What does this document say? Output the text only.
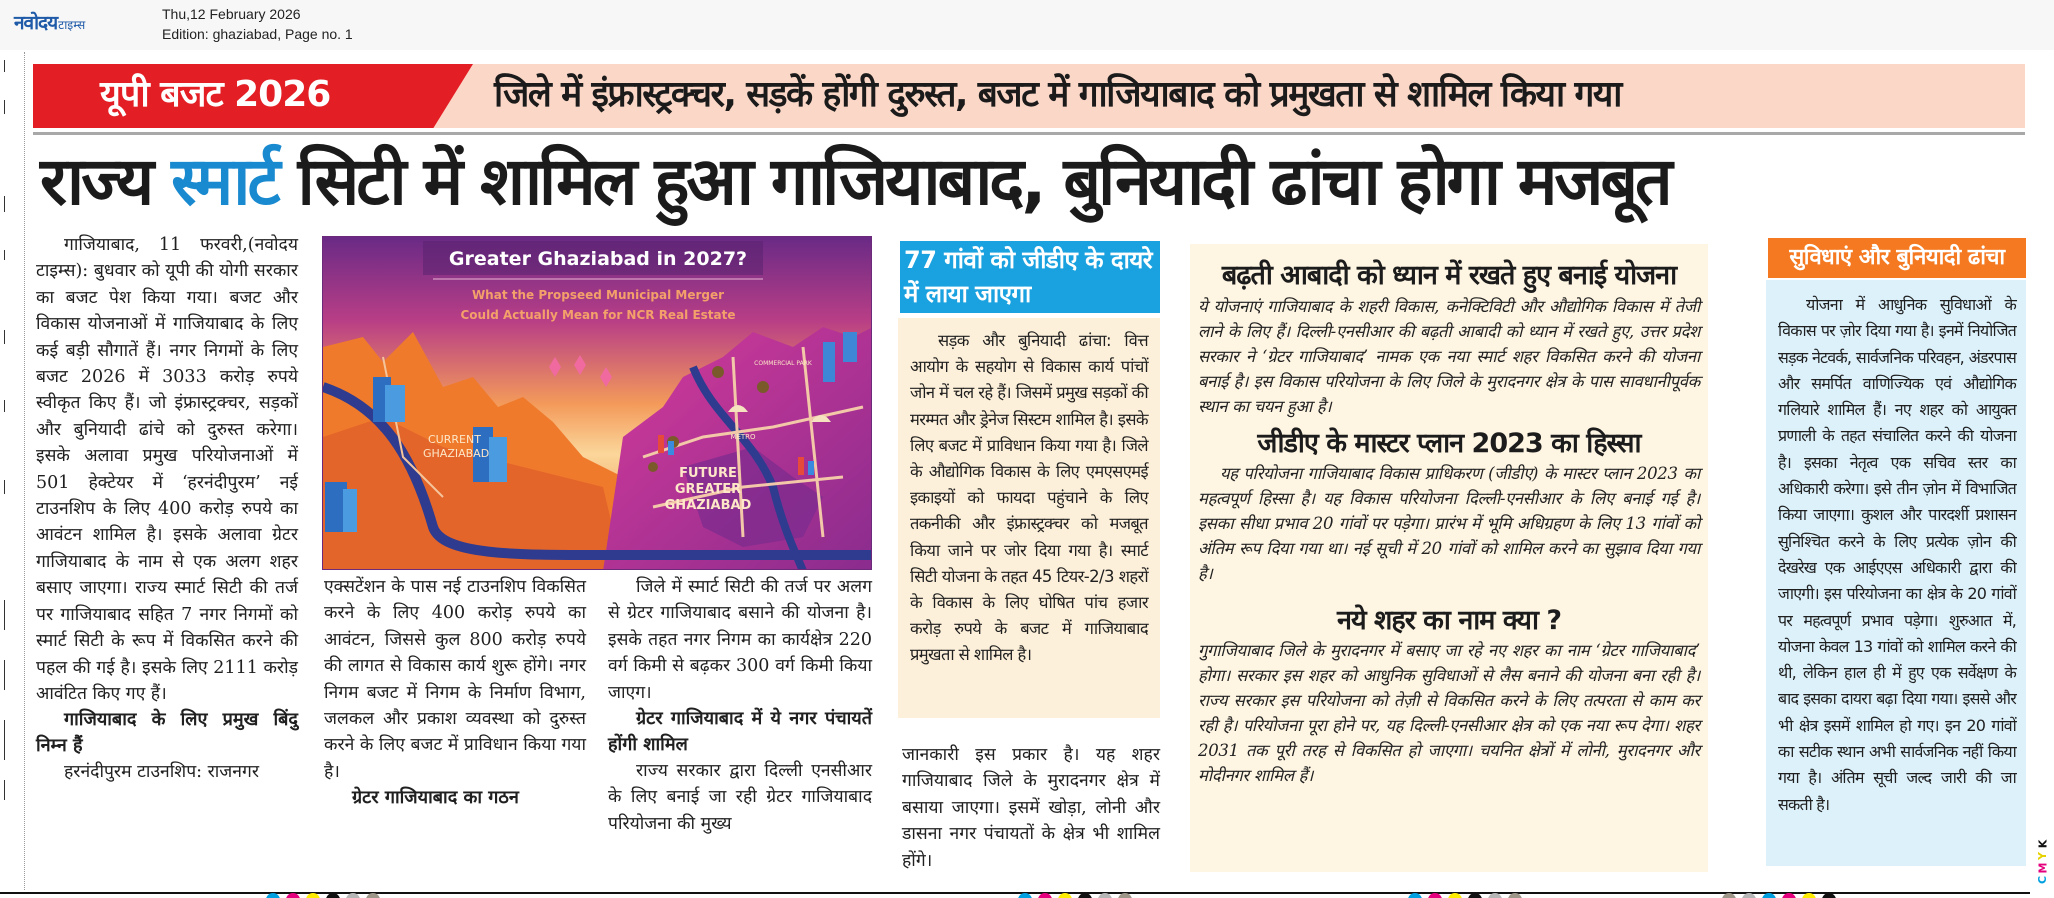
नवोदय टाइम्स
Thu,12 February 2026
Edition: ghaziabad, Page no. 1
यूपी बजट 2026	जिले में इंफ्रास्ट्रक्चर, सड़कें होंगी दुरुस्त, बजट में गाजियाबाद को प्रमुखता से शामिल किया गया
राज्य स्मार्ट सिटी में शामिल हुआ गाजियाबाद, बुनियादी ढांचा होगा मजबूत

गाजियाबाद, 11 फरवरी,(नवोदय टाइम्स): बुधवार को यूपी की योगी सरकार का बजट पेश किया गया। बजट और विकास योजनाओं में गाजियाबाद के लिए कई बड़ी सौगातें हैं। नगर निगमों के लिए बजट 2026 में 3033 करोड़ रुपये स्वीकृत किए हैं। जो इंफ्रास्ट्रक्चर, सड़कों और बुनियादी ढांचे को दुरुस्त करेगा। इसके अलावा प्रमुख परियोजनाओं में 501 हेक्टेयर में ‘हरनंदीपुरम’ नई टाउनशिप के लिए 400 करोड़ रुपये का आवंटन शामिल है। इसके अलावा ग्रेटर गाजियाबाद के नाम से एक अलग शहर बसाए जाएगा। राज्य स्मार्ट सिटी की तर्ज पर गाजियाबाद सहित 7 नगर निगमों को स्मार्ट सिटी के रूप में विकसित करने की पहल की गई है। इसके लिए 2111 करोड़ आवंटित किए गए हैं।

गाजियाबाद के लिए प्रमुख बिंदु निम्न हैं

हरनंदीपुरम टाउनशिप: राजनगर

Greater Ghaziabad in 2027?
What the Propseed Municipal Merger
Could Actually Mean for NCR Real Estate
CURRENT
GHAZIABAD
FUTURE
GREATER
GHAZIABAD
METRO
COMMERCIAL PARK

एक्सटेंशन के पास नई टाउनशिप विकसित करने के लिए 400 करोड़ रुपये का आवंटन, जिससे कुल 800 करोड़ रुपये की लागत से विकास कार्य शुरू होंगे। नगर निगम बजट में निगम के निर्माण विभाग, जलकल और प्रकाश व्यवस्था को दुरुस्त करने के लिए बजट में प्राविधान किया गया है।

ग्रेटर गाजियाबाद का गठन

जिले में स्मार्ट सिटी की तर्ज पर अलग से ग्रेटर गाजियाबाद बसाने की योजना है। इसके तहत नगर निगम का कार्यक्षेत्र 220 वर्ग किमी से बढ़कर 300 वर्ग किमी किया जाएग।

ग्रेटर गाजियाबाद में ये नगर पंचायतें होंगी शामिल

राज्य सरकार द्वारा दिल्ली एनसीआर के लिए बनाई जा रही ग्रेटर गाजियाबाद परियोजना की मुख्य

77 गांवों को जीडीए के दायरे में लाया जाएगा

सड़क और बुनियादी ढांचा: वित्त आयोग के सहयोग से विकास कार्य पांचों जोन में चल रहे हैं। जिसमें प्रमुख सड़कों की मरम्मत और ड्रेनेज सिस्टम शामिल है। इसके लिए बजट में प्राविधान किया गया है। जिले के औद्योगिक विकास के लिए एमएसएमई इकाइयों को फायदा पहुंचाने के लिए तकनीकी और इंफ्रास्ट्रक्चर को मजबूत किया जाने पर जोर दिया गया है। स्मार्ट सिटी योजना के तहत 45 टियर-2/3 शहरों के विकास के लिए घोषित पांच हजार करोड़ रुपये के बजट में गाजियाबाद प्रमुखता से शामिल है।

जानकारी इस प्रकार है। यह शहर गाजियाबाद जिले के मुरादनगर क्षेत्र में बसाया जाएगा। इसमें खोड़ा, लोनी और डासना नगर पंचायतों के क्षेत्र भी शामिल होंगे।

बढ़ती आबादी को ध्यान में रखते हुए बनाई योजना

ये योजनाएं गाजियाबाद के शहरी विकास, कनेक्टिविटी और औद्योगिक विकास में तेजी लाने के लिए हैं। दिल्ली-एनसीआर की बढ़ती आबादी को ध्यान में रखते हुए, उत्तर प्रदेश सरकार ने ‘ग्रेटर गाजियाबाद’ नामक एक नया स्मार्ट शहर विकसित करने की योजना बनाई है। इस विकास परियोजना के लिए जिले के मुरादनगर क्षेत्र के पास सावधानीपूर्वक स्थान का चयन हुआ है।

जीडीए के मास्टर प्लान 2023 का हिस्सा

यह परियोजना गाजियाबाद विकास प्राधिकरण (जीडीए) के मास्टर प्लान 2023 का महत्वपूर्ण हिस्सा है। यह विकास परियोजना दिल्ली-एनसीआर के लिए बनाई गई है। इसका सीधा प्रभाव 20 गांवों पर पड़ेगा। प्रारंभ में भूमि अधिग्रहण के लिए 13 गांवों को अंतिम रूप दिया गया था। नई सूची में 20 गांवों को शामिल करने का सुझाव दिया गया है।

नये शहर का नाम क्या ?

गुगाजियाबाद जिले के मुरादनगर में बसाए जा रहे नए शहर का नाम ‘ग्रेटर गाजियाबाद’ होगा। सरकार इस शहर को आधुनिक सुविधाओं से लैस बनाने की योजना बना रही है। राज्य सरकार इस परियोजना को तेज़ी से विकसित करने के लिए तत्परता से काम कर रही है। परियोजना पूरा होने पर, यह दिल्ली-एनसीआर क्षेत्र को एक नया रूप देगा। शहर 2031 तक पूरी तरह से विकसित हो जाएगा। चयनित क्षेत्रों में लोनी, मुरादनगर और मोदीनगर शामिल हैं।

सुविधाएं और बुनियादी ढांचा

योजना में आधुनिक सुविधाओं के विकास पर ज़ोर दिया गया है। इनमें नियोजित सड़क नेटवर्क, सार्वजनिक परिवहन, अंडरपास और समर्पित वाणिज्यिक एवं औद्योगिक गलियारे शामिल हैं। नए शहर को आयुक्त प्रणाली के तहत संचालित करने की योजना है। इसका नेतृत्व एक सचिव स्तर का अधिकारी करेगा। इसे तीन ज़ोन में विभाजित किया जाएगा। कुशल और पारदर्शी प्रशासन सुनिश्चित करने के लिए प्रत्येक ज़ोन की देखरेख एक आईएएस अधिकारी द्वारा की जाएगी। इस परियोजना का क्षेत्र के 20 गांवों पर महत्वपूर्ण प्रभाव पड़ेगा। शुरुआत में, योजना केवल 13 गांवों को शामिल करने की थी, लेकिन हाल ही में हुए एक सर्वेक्षण के बाद इसका दायरा बढ़ा दिया गया। इससे और भी क्षेत्र इसमें शामिल हो गए। इन 20 गांवों का सटीक स्थान अभी सार्वजनिक नहीं किया गया है। अंतिम सूची जल्द जारी की जा सकती है।

C
M
Y
K
